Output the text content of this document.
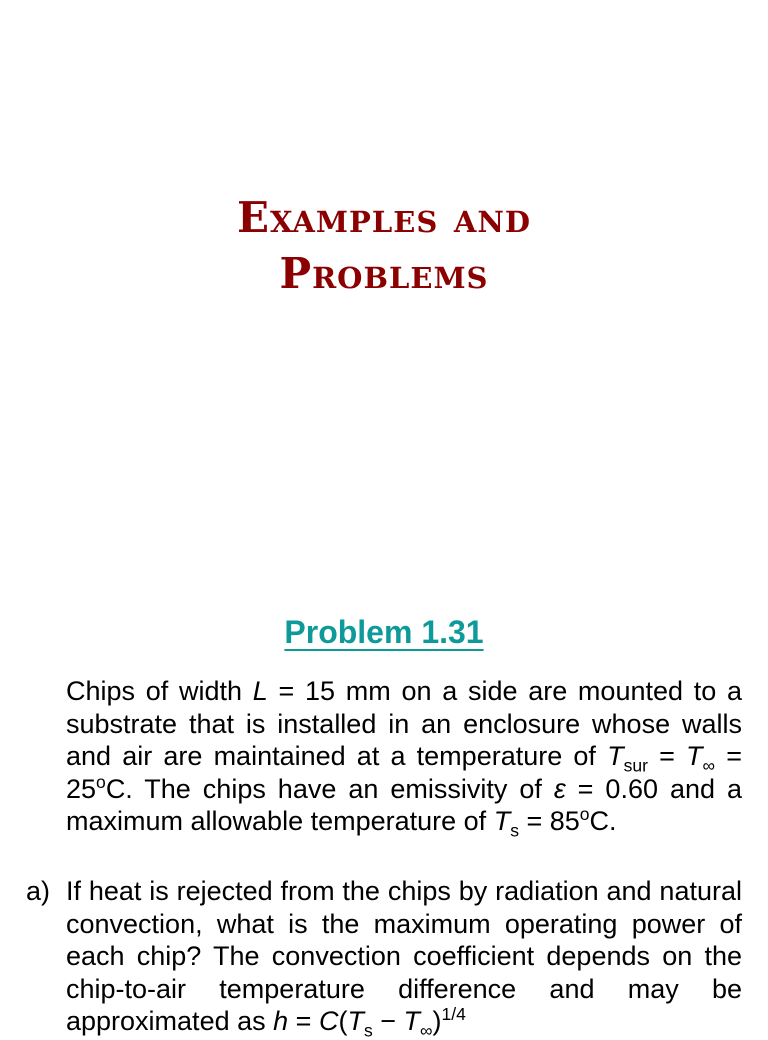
Examples and
Problems
Problem 1.31
Chips of width L = 15 mm on a side are mounted to a substrate that is installed in an enclosure whose walls and air are maintained at a temperature of $T_{sur} = T_\infty = 25^oC$. The chips have an emissivity of ε = 0.60 and a maximum allowable temperature of $T_s = 85^oC$.
a) If heat is rejected from the chips by radiation and natural convection, what is the maximum operating power of each chip? The convection coefficient depends on the chip-to-air temperature difference and may be approximated as $h = C(T_s - T_\infty)^{1/4}$
